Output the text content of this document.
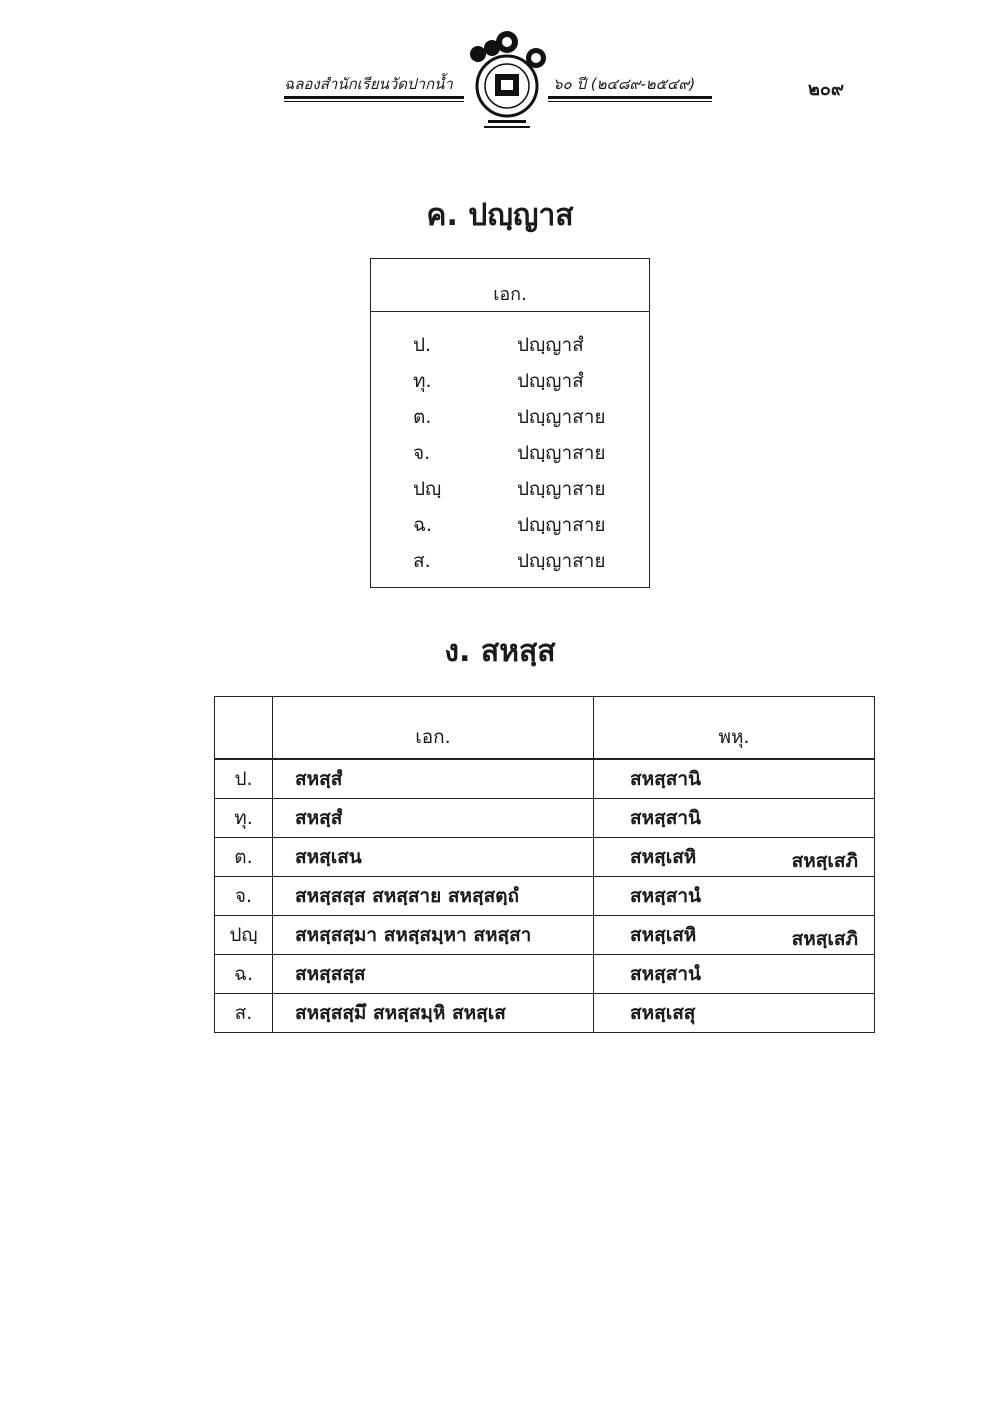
ฉลองสำนักเรียนวัดปากน้ำ	๖๐ ปี (๒๔๘๙-๒๕๔๙)	๒๐๙
ค. ปญฺญาส
เอก.
ป.	ปญฺญาสํ
ทุ.	ปญฺญาสํ
ต.	ปญฺญาสาย
จ.	ปญฺญาสาย
ปญฺ	ปญฺญาสาย
ฉ.	ปญฺญาสาย
ส.	ปญฺญาสาย
ง. สหสฺส
	เอก.	พหุ.
ป.	สหสฺสํ	สหสฺสานิ
ทุ.	สหสฺสํ	สหสฺสานิ
ต.	สหสฺเสน	สหสฺเสหิ สหสฺเสภิ

จ.	สหสฺสสฺส สหสฺสาย สหสฺสตฺถํ	สหสฺสานํ
ปญฺ	สหสฺสสฺมา สหสฺสมฺหา สหสฺสา	สหสฺเสหิ สหสฺเสภิ

ฉ.	สหสฺสสฺส	สหสฺสานํ
ส.	สหสฺสสฺมึ สหสฺสมฺหิ สหสฺเส	สหสฺเสสุ
